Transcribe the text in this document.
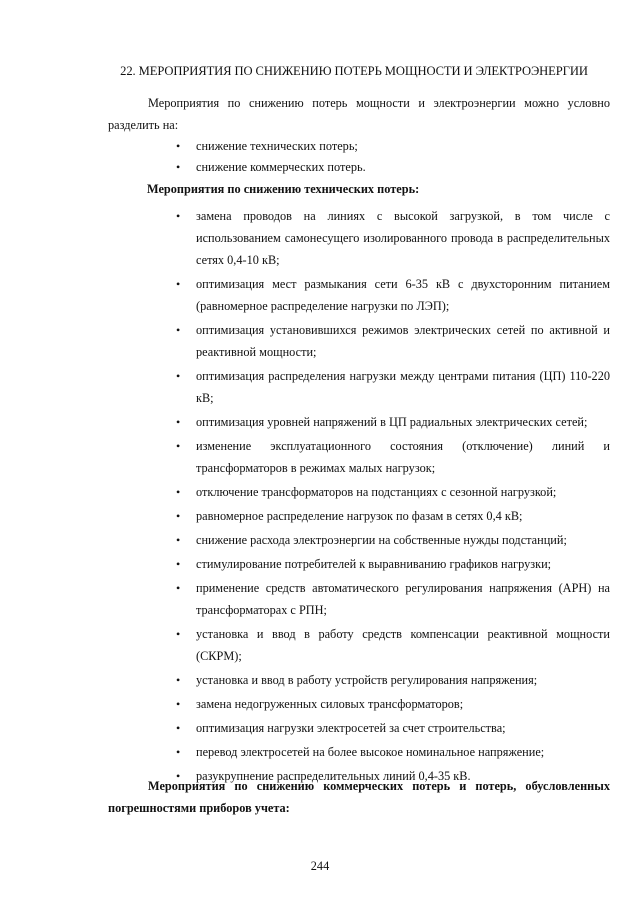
22. МЕРОПРИЯТИЯ ПО СНИЖЕНИЮ ПОТЕРЬ МОЩНОСТИ И ЭЛЕКТРОЭНЕРГИИ

Мероприятия по снижению потерь мощности и электроэнергии можно условно разделить на:

• снижение технических потерь;
• снижение коммерческих потерь.
Мероприятия по снижению технических потерь:
• замена проводов на линиях с высокой загрузкой, в том числе с использованием самонесущего изолированного провода в распределительных сетях 0,4-10 кВ;
• оптимизация мест размыкания сети 6-35 кВ с двухсторонним питанием (равномерное распределение нагрузки по ЛЭП);
• оптимизация установившихся режимов электрических сетей по активной и реактивной мощности;
• оптимизация распределения нагрузки между центрами питания (ЦП) 110-220 кВ;
• оптимизация уровней напряжений в ЦП радиальных электрических сетей;
• изменение эксплуатационного состояния (отключение) линий и трансформаторов в режимах малых нагрузок;
• отключение трансформаторов на подстанциях с сезонной нагрузкой;
• равномерное распределение нагрузок по фазам в сетях 0,4 кВ;
• снижение расхода электроэнергии на собственные нужды подстанций;
• стимулирование потребителей к выравниванию графиков нагрузки;
• применение средств автоматического регулирования напряжения (АРН) на трансформаторах с РПН;
• установка и ввод в работу средств компенсации реактивной мощности (СКРМ);
• установка и ввод в работу устройств регулирования напряжения;
• замена недогруженных силовых трансформаторов;
• оптимизация нагрузки электросетей за счет строительства;
• перевод электросетей на более высокое номинальное напряжение;
• разукрупнение распределительных линий 0,4-35 кВ.
Мероприятия по снижению коммерческих потерь и потерь, обусловленных погрешностями приборов учета:
244
